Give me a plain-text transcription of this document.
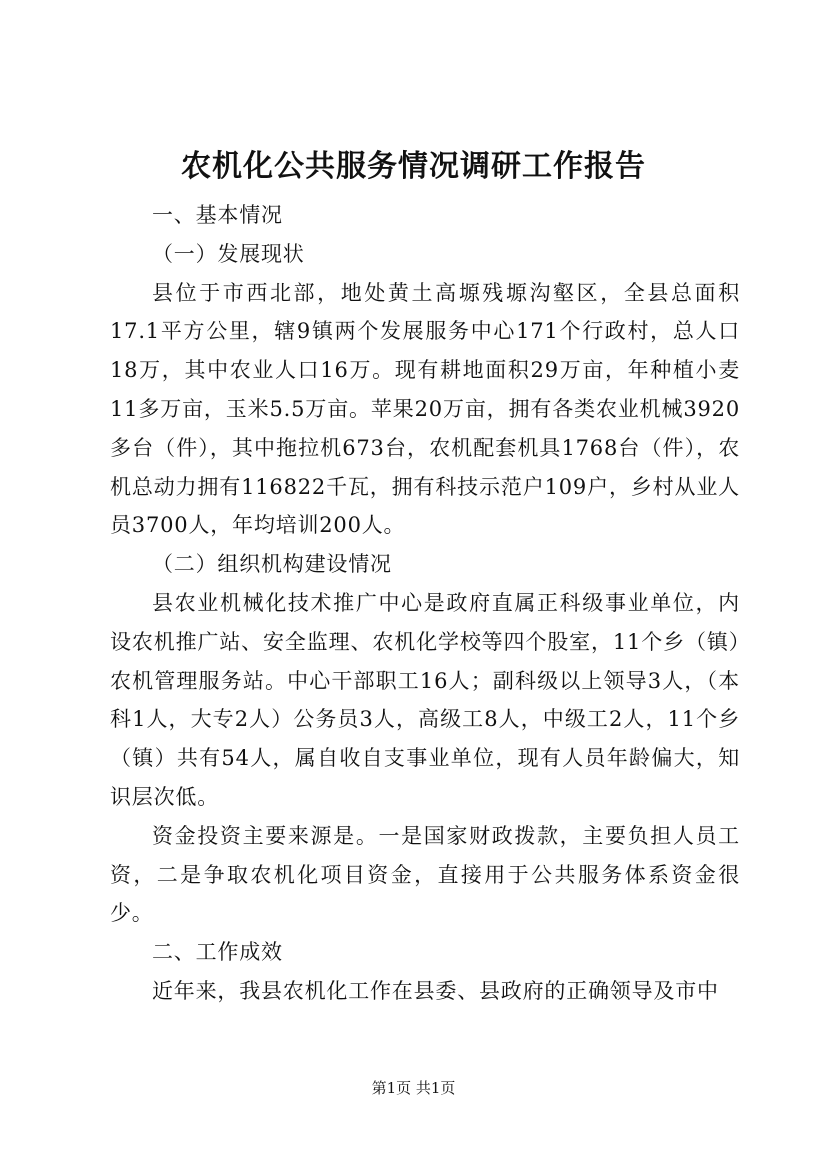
农机化公共服务情况调研工作报告

一、基本情况

（一）发展现状

县位于市西北部，地处黄土高塬残塬沟壑区，全县总面积17.1平方公里，辖9镇两个发展服务中心171个行政村，总人口18万，其中农业人口16万。现有耕地面积29万亩，年种植小麦11多万亩，玉米5.5万亩。苹果20万亩，拥有各类农业机械3920多台（件），其中拖拉机673台，农机配套机具1768台（件），农机总动力拥有116822千瓦，拥有科技示范户109户，乡村从业人员3700人，年均培训200人。

（二）组织机构建设情况

县农业机械化技术推广中心是政府直属正科级事业单位，内设农机推广站、安全监理、农机化学校等四个股室，11个乡（镇）农机管理服务站。中心干部职工16人；副科级以上领导3人，（本科1人，大专2人）公务员3人，高级工8人，中级工2人，11个乡（镇）共有54人，属自收自支事业单位，现有人员年龄偏大，知识层次低。

资金投资主要来源是。一是国家财政拨款，主要负担人员工资，二是争取农机化项目资金，直接用于公共服务体系资金很少。

二、工作成效

近年来，我县农机化工作在县委、县政府的正确领导及市中

第1页 共1页
